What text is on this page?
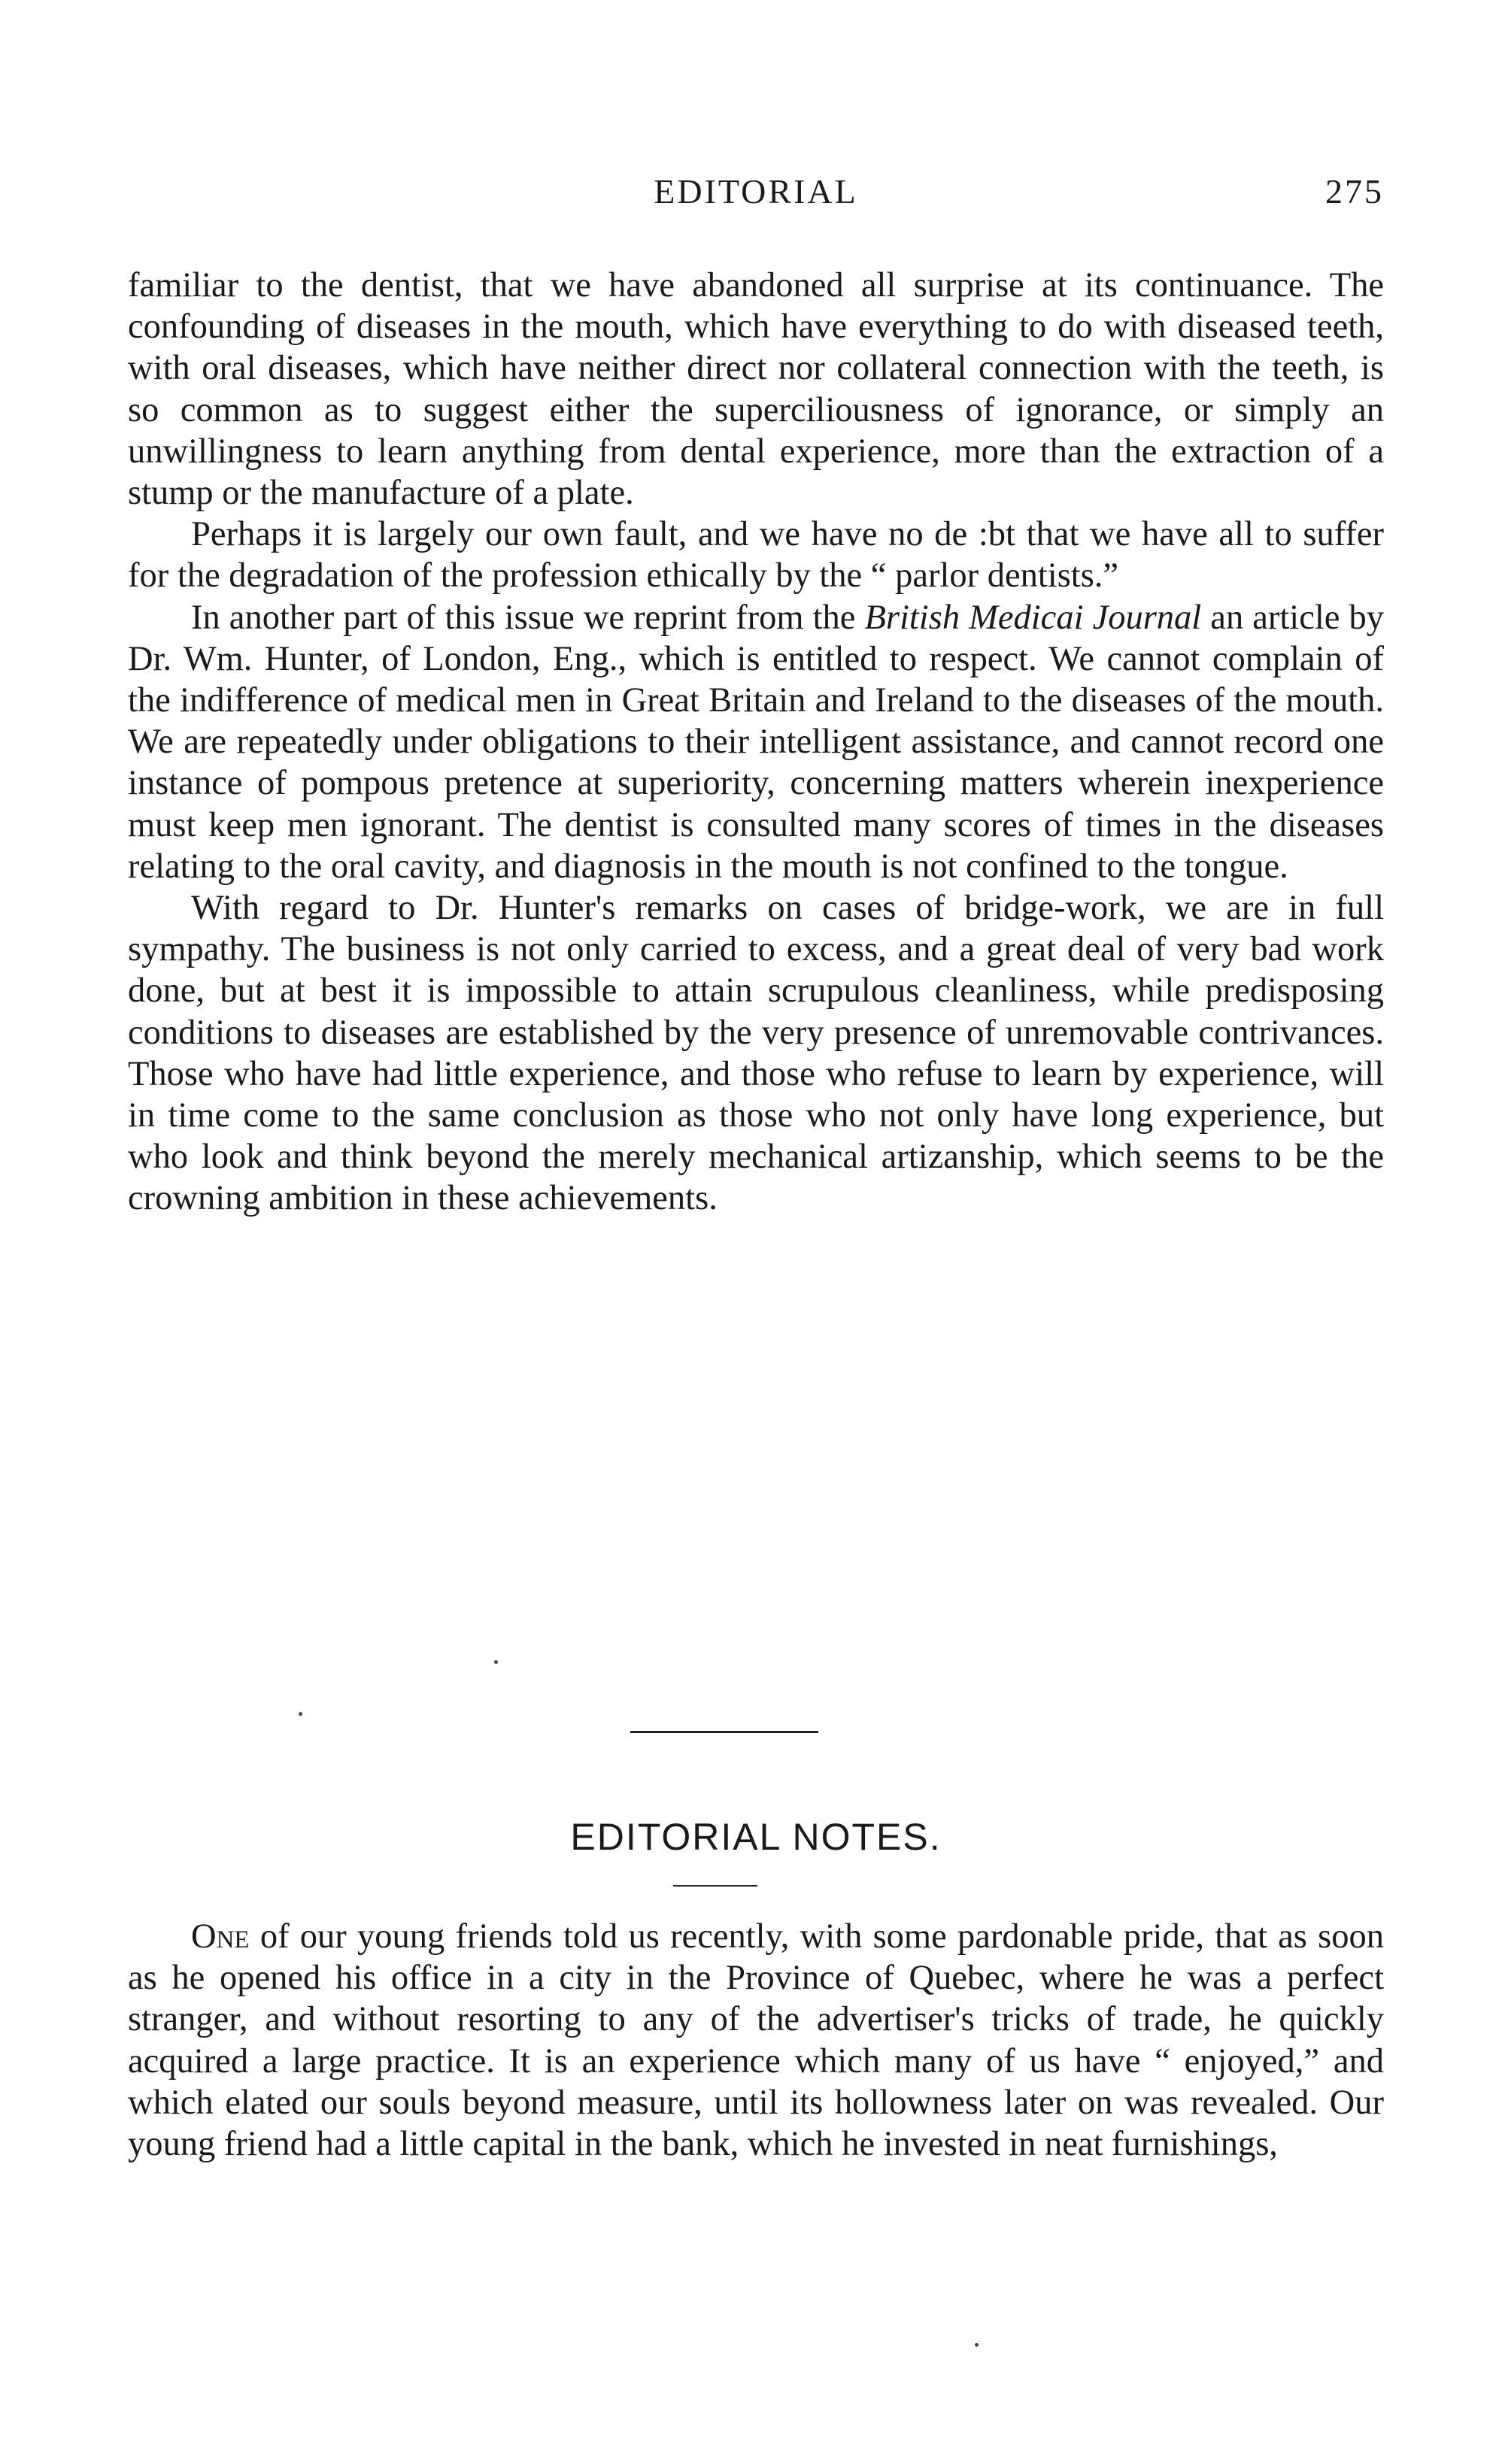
EDITORIAL	275

familiar to the dentist, that we have abandoned all surprise at its continuance. The confounding of diseases in the mouth, which have everything to do with diseased teeth, with oral diseases, which have neither direct nor collateral connection with the teeth, is so common as to suggest either the superciliousness of ignorance, or simply an unwillingness to learn anything from dental experience, more than the extraction of a stump or the manufacture of a plate.

Perhaps it is largely our own fault, and we have no de :bt that we have all to suffer for the degradation of the profession ethically by the “ parlor dentists.”

In another part of this issue we reprint from the British Medicai Journal an article by Dr. Wm. Hunter, of London, Eng., which is entitled to respect. We cannot complain of the indifference of medical men in Great Britain and Ireland to the diseases of the mouth. We are repeatedly under obligations to their intelligent assistance, and cannot record one instance of pompous pretence at superiority, concerning matters wherein inexperience must keep men ignorant. The dentist is consulted many scores of times in the diseases relating to the oral cavity, and diagnosis in the mouth is not confined to the tongue.

With regard to Dr. Hunter's remarks on cases of bridge-work, we are in full sympathy. The business is not only carried to excess, and a great deal of very bad work done, but at best it is impossible to attain scrupulous cleanliness, while predisposing conditions to diseases are established by the very presence of unremovable contrivances. Those who have had little experience, and those who refuse to learn by experience, will in time come to the same conclusion as those who not only have long experience, but who look and think beyond the merely mechanical artizanship, which seems to be the crowning ambition in these achievements.

EDITORIAL NOTES.

One of our young friends told us recently, with some pardonable pride, that as soon as he opened his office in a city in the Province of Quebec, where he was a perfect stranger, and without resorting to any of the advertiser's tricks of trade, he quickly acquired a large practice. It is an experience which many of us have “ enjoyed,” and which elated our souls beyond measure, until its hollowness later on was revealed. Our young friend had a little capital in the bank, which he invested in neat furnishings,
